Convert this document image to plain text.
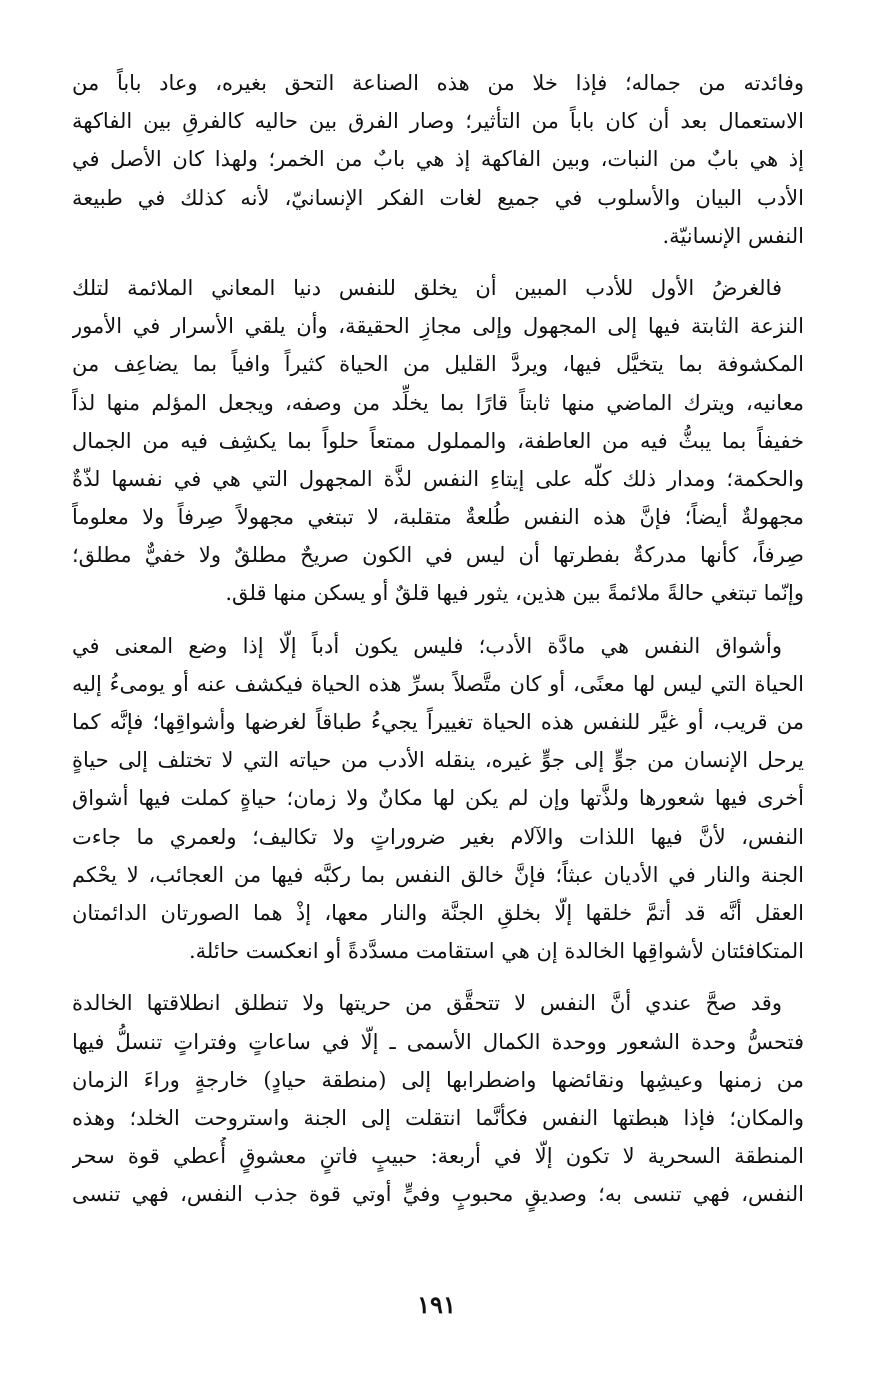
وفائدته من جماله؛ فإذا خلا من هذه الصناعة التحق بغيره، وعاد باباً من
الاستعمال بعد أن كان باباً من التأثير؛ وصار الفرق بين حاليه كالفرقِ بين الفاكهة
إذ هي بابٌ من النبات، وبين الفاكهة إذ هي بابٌ من الخمر؛ ولهذا كان الأصل في
الأدب البيان والأسلوب في جميع لغات الفكر الإنسانيّ، لأنه كذلك في طبيعة
النفس الإنسانيّة.
فالغرضُ الأول للأدب المبين أن يخلق للنفس دنيا المعاني الملائمة لتلك
النزعة الثابتة فيها إلى المجهول وإلى مجازِ الحقيقة، وأن يلقي الأسرار في الأمور
المكشوفة بما يتخيَّل فيها، ويردَّ القليل من الحياة كثيراً وافياً بما يضاعِف من
معانيه، ويترك الماضي منها ثابتاً قارًا بما يخلِّد من وصفه، ويجعل المؤلم منها لذاً
خفيفاً بما يبثُّ فيه من العاطفة، والمملول ممتعاً حلواً بما يكشِف فيه من الجمال
والحكمة؛ ومدار ذلك كلّه على إيتاءِ النفس لذَّة المجهول التي هي في نفسها لذّةٌ
مجهولةٌ أيضاً؛ فإنَّ هذه النفس طُلعةٌ متقلبة، لا تبتغي مجهولاً صِرفاً ولا معلوماً
صِرفاً، كأنها مدركةٌ بفطرتها أن ليس في الكون صريحٌ مطلقٌ ولا خفيٌّ مطلق؛
وإنّما تبتغي حالةً ملائمةً بين هذين، يثور فيها قلقٌ أو يسكن منها قلق.
وأشواق النفس هي مادَّة الأدب؛ فليس يكون أدباً إلّا إذا وضع المعنى في
الحياة التي ليس لها معنًى، أو كان متَّصلاً بسرِّ هذه الحياة فيكشف عنه أو يومىءُ إليه
من قريب، أو غيَّر للنفس هذه الحياة تغييراً يجيءُ طباقاً لغرضها وأشواقِها؛ فإنَّه كما
يرحل الإنسان من جوٍّ إلى جوٍّ غيره، ينقله الأدب من حياته التي لا تختلف إلى حياةٍ
أخرى فيها شعورها ولذَّتها وإن لم يكن لها مكانٌ ولا زمان؛ حياةٍ كملت فيها أشواق
النفس، لأنَّ فيها اللذات والآلام بغير ضروراتٍ ولا تكاليف؛ ولعمري ما جاءت
الجنة والنار في الأديان عبثاً؛ فإنَّ خالق النفس بما ركبَّه فيها من العجائب، لا يحْكم
العقل أنَّه قد أتمَّ خلقها إلّا بخلقِ الجنَّة والنار معها، إذْ هما الصورتان الدائمتان
المتكافئتان لأشواقِها الخالدة إن هي استقامت مسدَّدةً أو انعكست حائلة.
وقد صحَّ عندي أنَّ النفس لا تتحقَّق من حريتها ولا تنطلق انطلاقتها الخالدة
فتحسُّ وحدة الشعور ووحدة الكمال الأسمى ـ إلّا في ساعاتٍ وفتراتٍ تنسلُّ فيها
من زمنها وعيشِها ونقائضها واضطرابها إلى (منطقة حيادٍ) خارجةٍ وراءَ الزمان
والمكان؛ فإذا هبطتها النفس فكأنَّما انتقلت إلى الجنة واستروحت الخلد؛ وهذه
المنطقة السحرية لا تكون إلّا في أربعة: حبيبٍ فاتنٍ معشوقٍ أُعطي قوة سحر
النفس، فهي تنسى به؛ وصديقٍ محبوبٍ وفيٍّ أوتي قوة جذب النفس، فهي تنسى
١٩١
